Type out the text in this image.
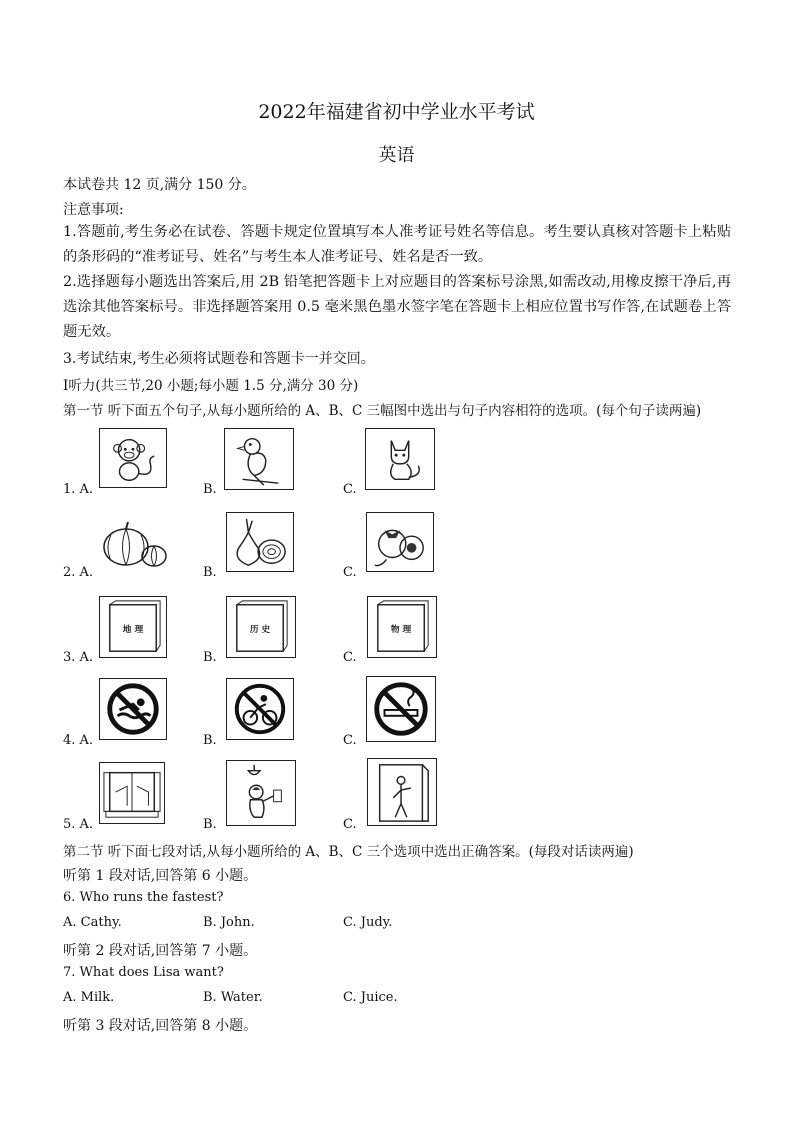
2022年福建省初中学业水平考试
英语
本试卷共 12 页,满分 150 分。
注意事项:
1.答题前,考生务必在试卷、答题卡规定位置填写本人准考证号姓名等信息。考生要认真核对答题卡上粘贴的条形码的“准考证号、姓名”与考生本人准考证号、姓名是否一致。
2.选择题每小题选出答案后,用 2B 铅笔把答题卡上对应题目的答案标号涂黑,如需改动,用橡皮擦干净后,再选涂其他答案标号。非选择题答案用 0.5 毫米黑色墨水签字笔在答题卡上相应位置书写作答,在试题卷上答题无效。
3.考试结束,考生必须将试题卷和答题卡一并交回。
I听力(共三节,20 小题;每小题 1.5 分,满分 30 分)
第一节 听下面五个句子,从每小题所给的 A、B、C 三幅图中选出与句子内容相符的选项。(每个句子读两遍)
1. A.	B.	C.
2. A.	B.	C.
3. A.
地 理
B.
历 史
C.
物 理
4. A.	B.	C.
5. A.	B.	C.
第二节 听下面七段对话,从每小题所给的 A、B、C 三个选项中选出正确答案。(每段对话读两遍)
听第 1 段对话,回答第 6 小题。
6. Who runs the fastest?
A. Cathy.	B. John.	C. Judy.
听第 2 段对话,回答第 7 小题。
7. What does Lisa want?
A. Milk.	B. Water.	C. Juice.
听第 3 段对话,回答第 8 小题。
